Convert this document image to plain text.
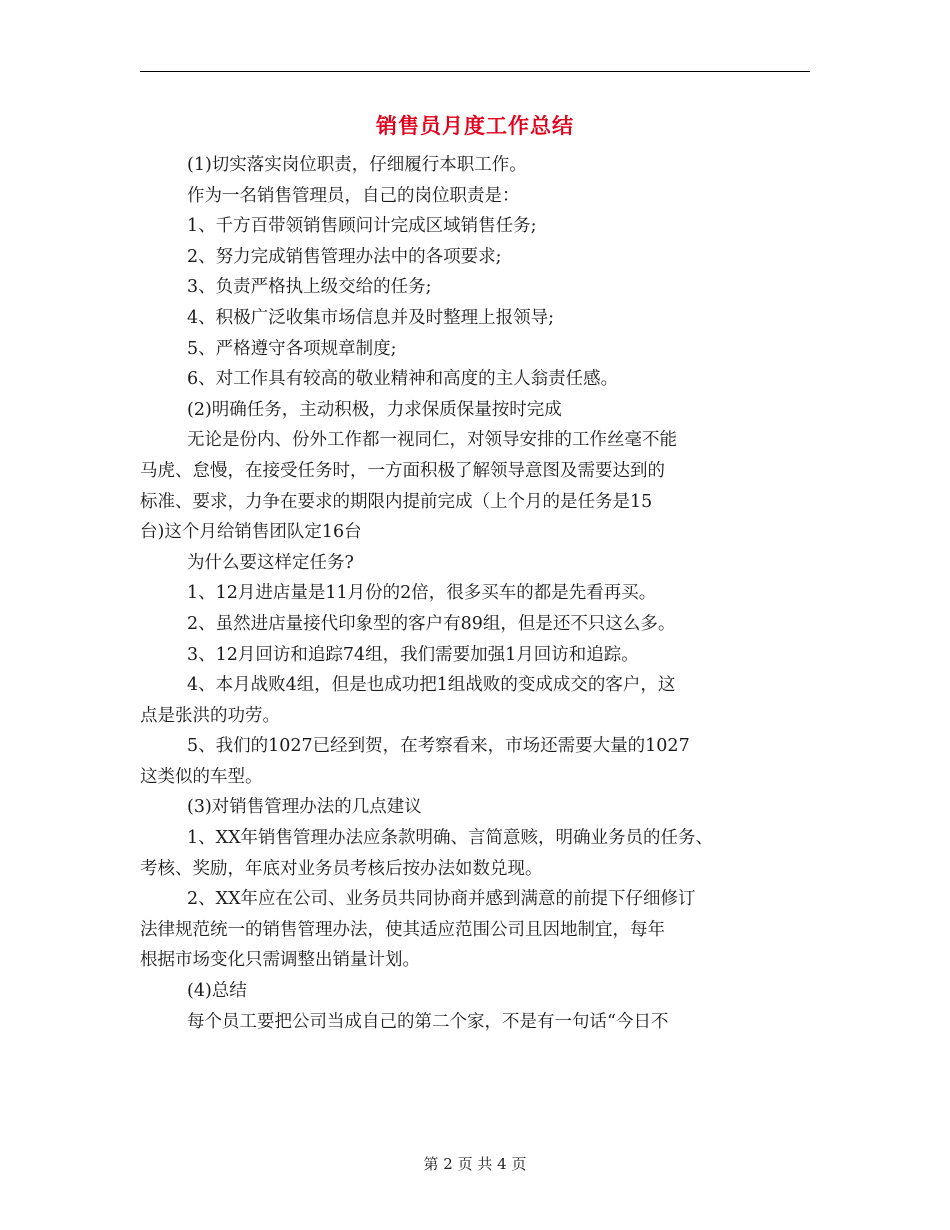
销售员月度工作总结

(1)切实落实岗位职责，仔细履行本职工作。

作为一名销售管理员，自己的岗位职责是：

1、千方百带领销售顾问计完成区域销售任务;

2、努力完成销售管理办法中的各项要求;

3、负责严格执上级交给的任务;

4、积极广泛收集市场信息并及时整理上报领导;

5、严格遵守各项规章制度;

6、对工作具有较高的敬业精神和高度的主人翁责任感。

(2)明确任务，主动积极，力求保质保量按时完成

无论是份内、份外工作都一视同仁，对领导安排的工作丝毫不能

马虎、怠慢，在接受任务时，一方面积极了解领导意图及需要达到的

标准、要求，力争在要求的期限内提前完成（上个月的是任务是15

台)这个月给销售团队定16台

为什么要这样定任务?

1、12月进店量是11月份的2倍，很多买车的都是先看再买。

2、虽然进店量接代印象型的客户有89组，但是还不只这么多。

3、12月回访和追踪74组，我们需要加强1月回访和追踪。

4、本月战败4组，但是也成功把1组战败的变成成交的客户，这

点是张洪的功劳。

5、我们的1027已经到贺，在考察看来，市场还需要大量的1027

这类似的车型。

(3)对销售管理办法的几点建议

1、XX年销售管理办法应条款明确、言简意赅，明确业务员的任务、

考核、奖励，年底对业务员考核后按办法如数兑现。

2、XX年应在公司、业务员共同协商并感到满意的前提下仔细修订

法律规范统一的销售管理办法，使其适应范围公司且因地制宜，每年

根据市场变化只需调整出销量计划。

(4)总结

每个员工要把公司当成自己的第二个家，不是有一句话“今日不

第 2 页 共 4 页
